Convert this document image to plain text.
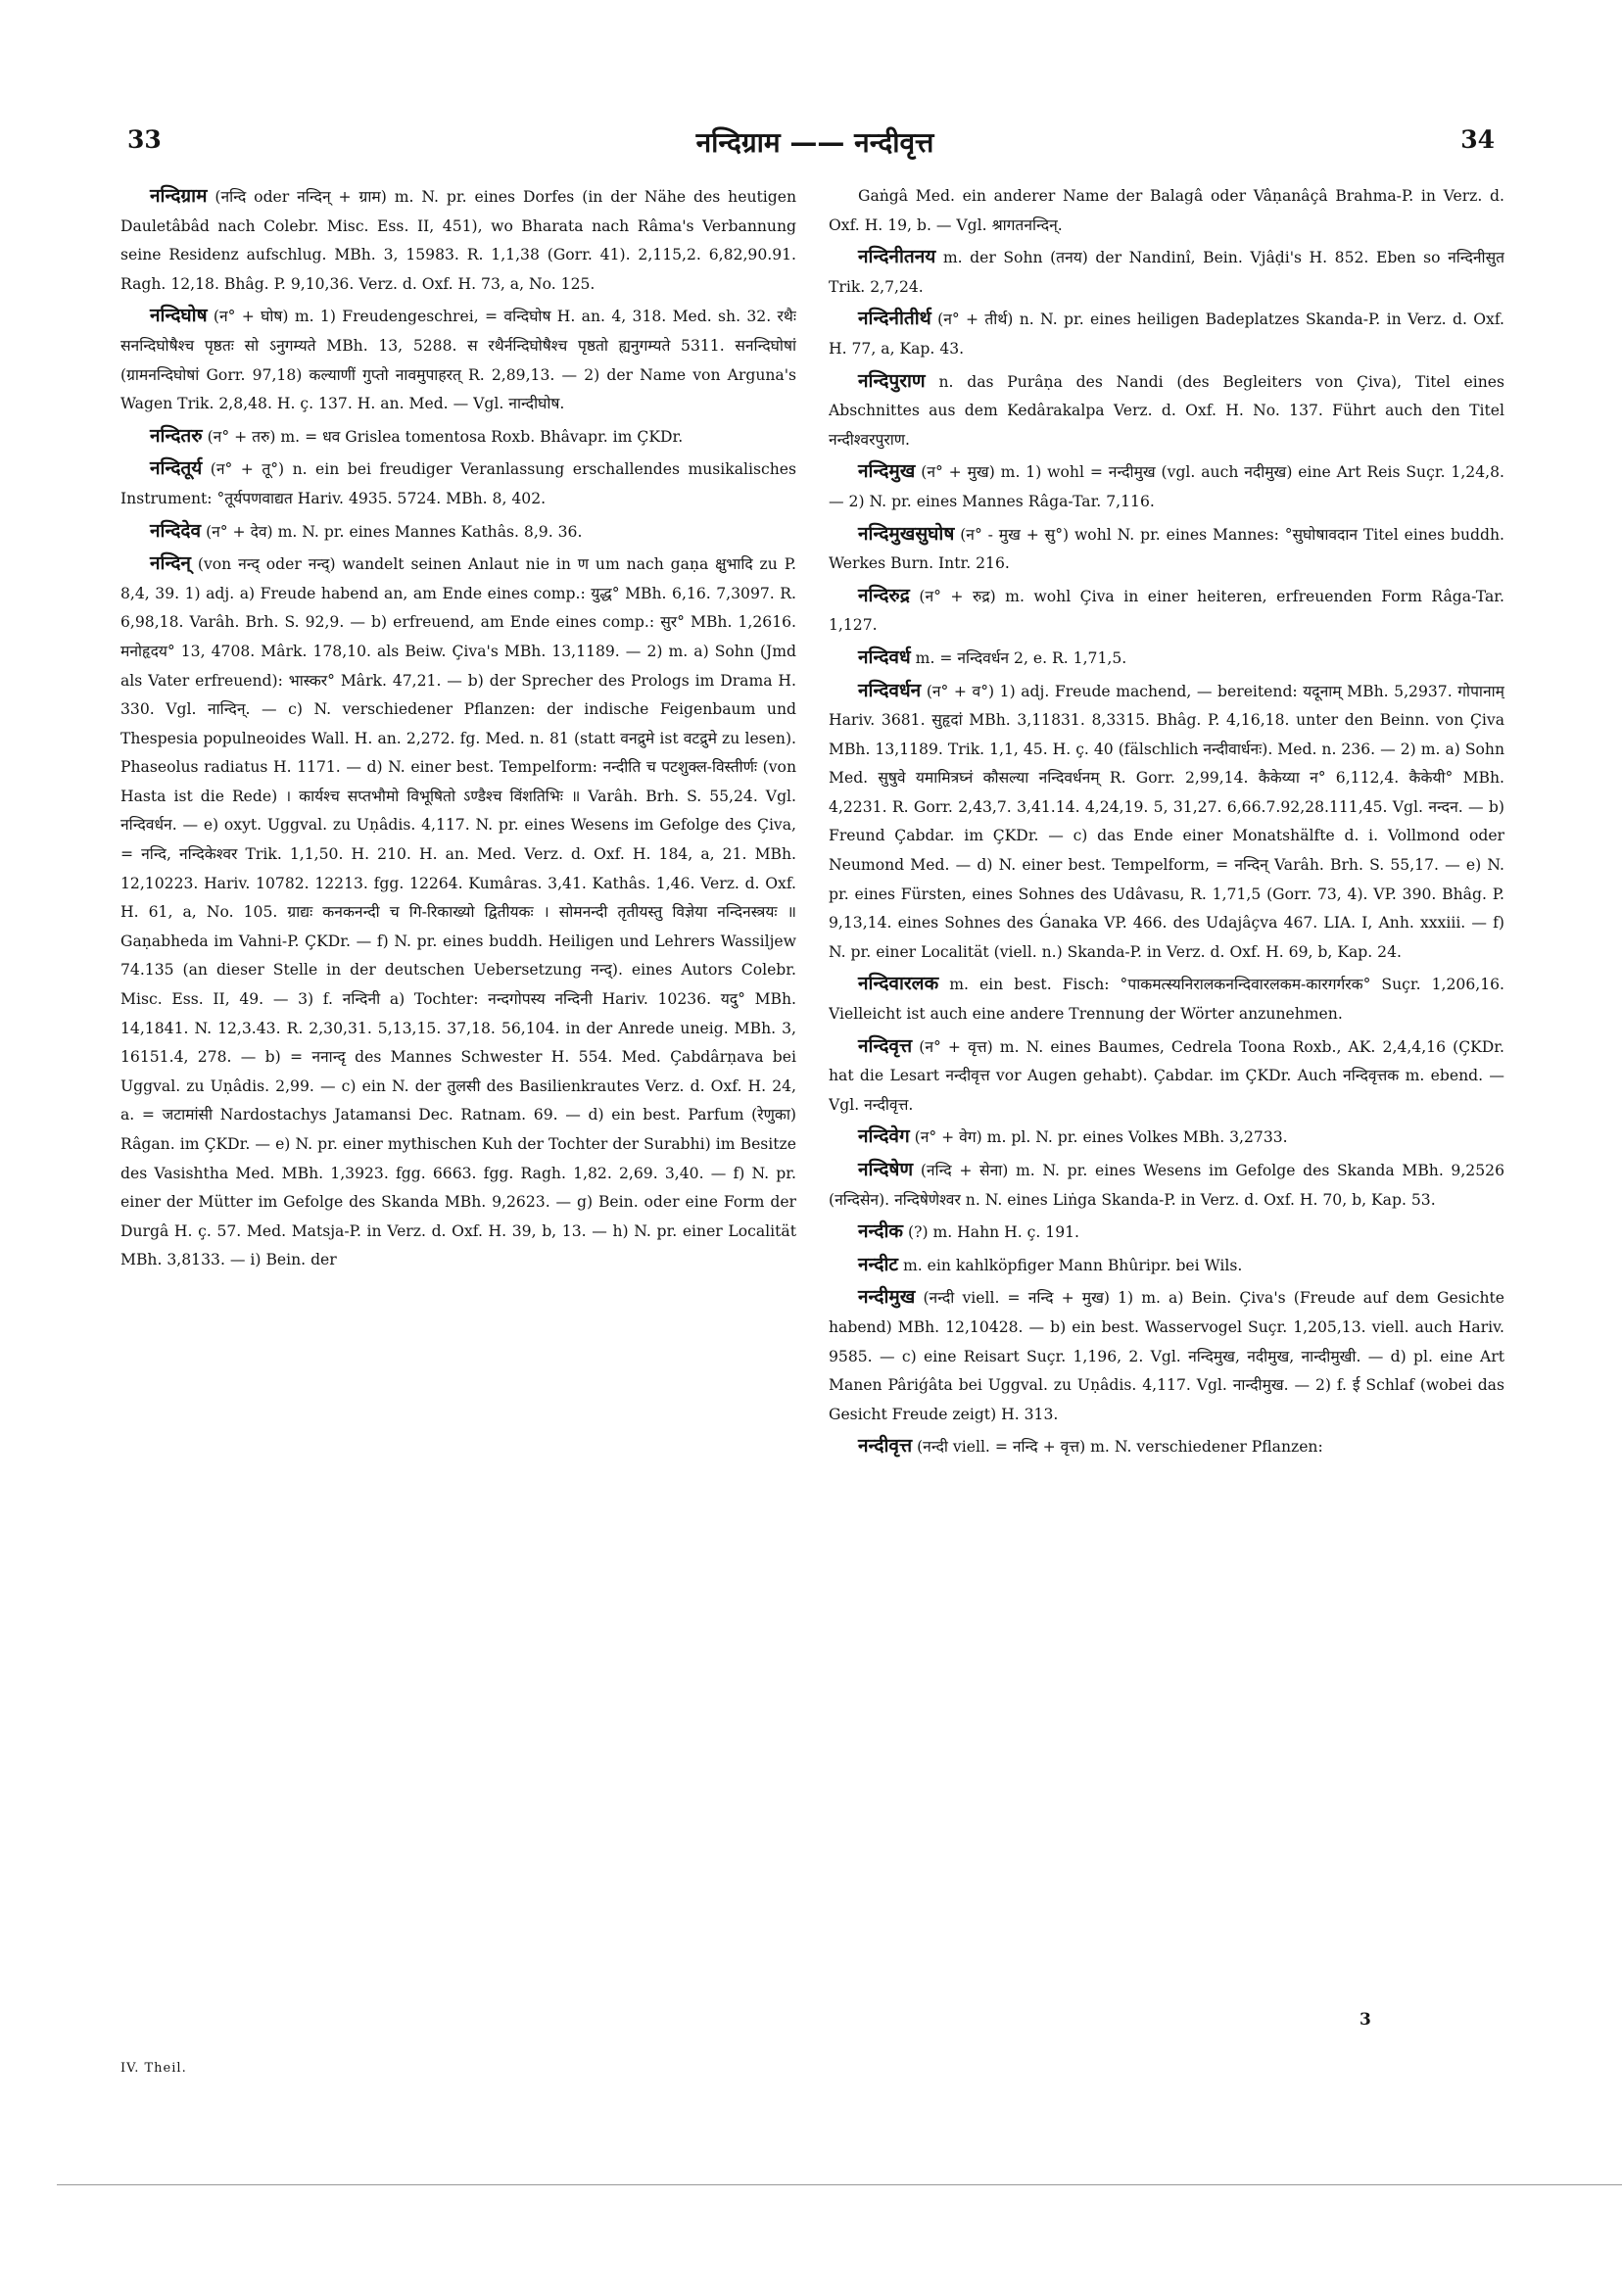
33	नन्दिग्राम —— नन्दीवृत्त	34

नन्दिग्राम (नन्दि oder नन्दिन् + ग्राम) m. N. pr. eines Dorfes (in der Nähe des heutigen Dauletâbâd nach Colebr. Misc. Ess. II, 451), wo Bharata nach Râma's Verbannung seine Residenz aufschlug. MBh. 3, 15983. R. 1,1,38 (Gorr. 41). 2,115,2. 6,82,90.91. Ragh. 12,18. Bhâg. P. 9,10,36. Verz. d. Oxf. H. 73, a, No. 125.

नन्दिघोष (न° + घोष) m. 1) Freudengeschrei, = वन्दिघोष H. an. 4, 318. Med. sh. 32. रथैः सनन्दिघोषैश्च पृष्ठतः सो ऽनुगम्यते MBh. 13, 5288. स रथैर्नन्दिघोषैश्च पृष्ठतो ह्यनुगम्यते 5311. सनन्दिघोषां (ग्रामनन्दिघोषां Gorr. 97,18) कल्याणीं गुप्तो नावमुपाहरत् R. 2,89,13. — 2) der Name von Arguna's Wagen Trik. 2,8,48. H. ç. 137. H. an. Med. — Vgl. नान्दीघोष.

नन्दितरु (न° + तरु) m. = धव Grislea tomentosa Roxb. Bhâvapr. im ÇKDr.

नन्दितूर्य (न° + तू°) n. ein bei freudiger Veranlassung erschallendes musikalisches Instrument: °तूर्यपणवाद्यत Hariv. 4935. 5724. MBh. 8, 402.

नन्दिदेव (न° + देव) m. N. pr. eines Mannes Kathâs. 8,9. 36.

नन्दिन् (von नन्द् oder नन्द्) wandelt seinen Anlaut nie in ण um nach gaṇa क्षुभादि zu P. 8,4, 39. 1) adj. a) Freude habend an, am Ende eines comp.: युद्ध° MBh. 6,16. 7,3097. R. 6,98,18. Varâh. Brh. S. 92,9. — b) erfreuend, am Ende eines comp.: सुर° MBh. 1,2616. मनोहृदय° 13, 4708. Mârk. 178,10. als Beiw. Çiva's MBh. 13,1189. — 2) m. a) Sohn (Jmd als Vater erfreuend): भास्कर° Mârk. 47,21. — b) der Sprecher des Prologs im Drama H. 330. Vgl. नान्दिन्. — c) N. verschiedener Pflanzen: der indische Feigenbaum und Thespesia populneoides Wall. H. an. 2,272. fg. Med. n. 81 (statt वनद्रुमे ist वटद्रुमे zu lesen). Phaseolus radiatus H. 1171. — d) N. einer best. Tempelform: नन्दीति च पटशुक्ल-विस्तीर्णः (von Hasta ist die Rede) । कार्यश्च सप्तभौमो विभूषितो ऽण्डैश्च विंशतिभिः ॥ Varâh. Brh. S. 55,24. Vgl. नन्दिवर्धन. — e) oxyt. Uggval. zu Uṇâdis. 4,117. N. pr. eines Wesens im Gefolge des Çiva, = नन्दि, नन्दिकेश्वर Trik. 1,1,50. H. 210. H. an. Med. Verz. d. Oxf. H. 184, a, 21. MBh. 12,10223. Hariv. 10782. 12213. fgg. 12264. Kumâras. 3,41. Kathâs. 1,46. Verz. d. Oxf. H. 61, a, No. 105. ग्राद्यः कनकनन्दी च गि-रिकाख्यो द्वितीयकः । सोमनन्दी तृतीयस्तु विज्ञेया नन्दिनस्त्रयः ॥ Gaṇabheda im Vahni-P. ÇKDr. — f) N. pr. eines buddh. Heiligen und Lehrers Wassiljew 74.135 (an dieser Stelle in der deutschen Uebersetzung नन्द्). eines Autors Colebr. Misc. Ess. II, 49. — 3) f. नन्दिनी a) Tochter: नन्दगोपस्य नन्दिनी Hariv. 10236. यदु° MBh. 14,1841. N. 12,3.43. R. 2,30,31. 5,13,15. 37,18. 56,104. in der Anrede uneig. MBh. 3, 16151.4, 278. — b) = ननान्दृ des Mannes Schwester H. 554. Med. Çabdârṇava bei Uggval. zu Uṇâdis. 2,99. — c) ein N. der तुलसी des Basilienkrautes Verz. d. Oxf. H. 24, a. = जटामांसी Nardostachys Jatamansi Dec. Ratnam. 69. — d) ein best. Parfum (रेणुका) Râgan. im ÇKDr. — e) N. pr. einer mythischen Kuh der Tochter der Surabhi) im Besitze des Vasishtha Med. MBh. 1,3923. fgg. 6663. fgg. Ragh. 1,82. 2,69. 3,40. — f) N. pr. einer der Mütter im Gefolge des Skanda MBh. 9,2623. — g) Bein. oder eine Form der Durgâ H. ç. 57. Med. Matsja-P. in Verz. d. Oxf. H. 39, b, 13. — h) N. pr. einer Localität MBh. 3,8133. — i) Bein. der

Gaṅgâ Med. ein anderer Name der Balagâ oder Vâṇanâçâ Brahma-P. in Verz. d. Oxf. H. 19, b. — Vgl. श्रागतनन्दिन्.

नन्दिनीतनय m. der Sohn (तनय) der Nandinî, Bein. Vjâḍi's H. 852. Eben so नन्दिनीसुत Trik. 2,7,24.

नन्दिनीतीर्थ (न° + तीर्थ) n. N. pr. eines heiligen Badeplatzes Skanda-P. in Verz. d. Oxf. H. 77, a, Kap. 43.

नन्दिपुराण n. das Purâṇa des Nandi (des Begleiters von Çiva), Titel eines Abschnittes aus dem Kedârakalpa Verz. d. Oxf. H. No. 137. Führt auch den Titel नन्दीश्वरपुराण.

नन्दिमुख (न° + मुख) m. 1) wohl = नन्दीमुख (vgl. auch नदीमुख) eine Art Reis Suçr. 1,24,8. — 2) N. pr. eines Mannes Râga-Tar. 7,116.

नन्दिमुखसुघोष (न° - मुख + सु°) wohl N. pr. eines Mannes: °सुघोषावदान Titel eines buddh. Werkes Burn. Intr. 216.

नन्दिरुद्र (न° + रुद्र) m. wohl Çiva in einer heiteren, erfreuenden Form Râga-Tar. 1,127.

नन्दिवर्ध m. = नन्दिवर्धन 2, e. R. 1,71,5.

नन्दिवर्धन (न° + व°) 1) adj. Freude machend, — bereitend: यदूनाम् MBh. 5,2937. गोपानाम् Hariv. 3681. सुहृदां MBh. 3,11831. 8,3315. Bhâg. P. 4,16,18. unter den Beinn. von Çiva MBh. 13,1189. Trik. 1,1, 45. H. ç. 40 (fälschlich नन्दीवार्धनः). Med. n. 236. — 2) m. a) Sohn Med. सुषुवे यमामित्रघ्नं कौसल्या नन्दिवर्धनम् R. Gorr. 2,99,14. कैकेय्या न° 6,112,4. कैकेयी° MBh. 4,2231. R. Gorr. 2,43,7. 3,41.14. 4,24,19. 5, 31,27. 6,66.7.92,28.111,45. Vgl. नन्दन. — b) Freund Çabdar. im ÇKDr. — c) das Ende einer Monatshälfte d. i. Vollmond oder Neumond Med. — d) N. einer best. Tempelform, = नन्दिन् Varâh. Brh. S. 55,17. — e) N. pr. eines Fürsten, eines Sohnes des Udâvasu, R. 1,71,5 (Gorr. 73, 4). VP. 390. Bhâg. P. 9,13,14. eines Sohnes des Ǵanaka VP. 466. des Udajâçva 467. LIA. I, Anh. xxxiii. — f) N. pr. einer Localität (viell. n.) Skanda-P. in Verz. d. Oxf. H. 69, b, Kap. 24.

नन्दिवारलक m. ein best. Fisch: °पाकमत्स्यनिरालकनन्दिवारलकम-कारगर्गरक° Suçr. 1,206,16. Vielleicht ist auch eine andere Trennung der Wörter anzunehmen.

नन्दिवृत्त (न° + वृत्त) m. N. eines Baumes, Cedrela Toona Roxb., AK. 2,4,4,16 (ÇKDr. hat die Lesart नन्दीवृत्त vor Augen gehabt). Çabdar. im ÇKDr. Auch नन्दिवृत्तक m. ebend. — Vgl. नन्दीवृत्त.

नन्दिवेग (न° + वेग) m. pl. N. pr. eines Volkes MBh. 3,2733.

नन्दिषेण (नन्दि + सेना) m. N. pr. eines Wesens im Gefolge des Skanda MBh. 9,2526 (नन्दिसेन). नन्दिषेणेश्वर n. N. eines Liṅga Skanda-P. in Verz. d. Oxf. H. 70, b, Kap. 53.

नन्दीक (?) m. Hahn H. ç. 191.

नन्दीट m. ein kahlköpfiger Mann Bhûripr. bei Wils.

नन्दीमुख (नन्दी viell. = नन्दि + मुख) 1) m. a) Bein. Çiva's (Freude auf dem Gesichte habend) MBh. 12,10428. — b) ein best. Wasservogel Suçr. 1,205,13. viell. auch Hariv. 9585. — c) eine Reisart Suçr. 1,196, 2. Vgl. नन्दिमुख, नदीमुख, नान्दीमुखी. — d) pl. eine Art Manen Pâriǵâta bei Uggval. zu Uṇâdis. 4,117. Vgl. नान्दीमुख. — 2) f. ई Schlaf (wobei das Gesicht Freude zeigt) H. 313.

नन्दीवृत्त (नन्दी viell. = नन्दि + वृत्त) m. N. verschiedener Pflanzen:

IV. Theil.
3
